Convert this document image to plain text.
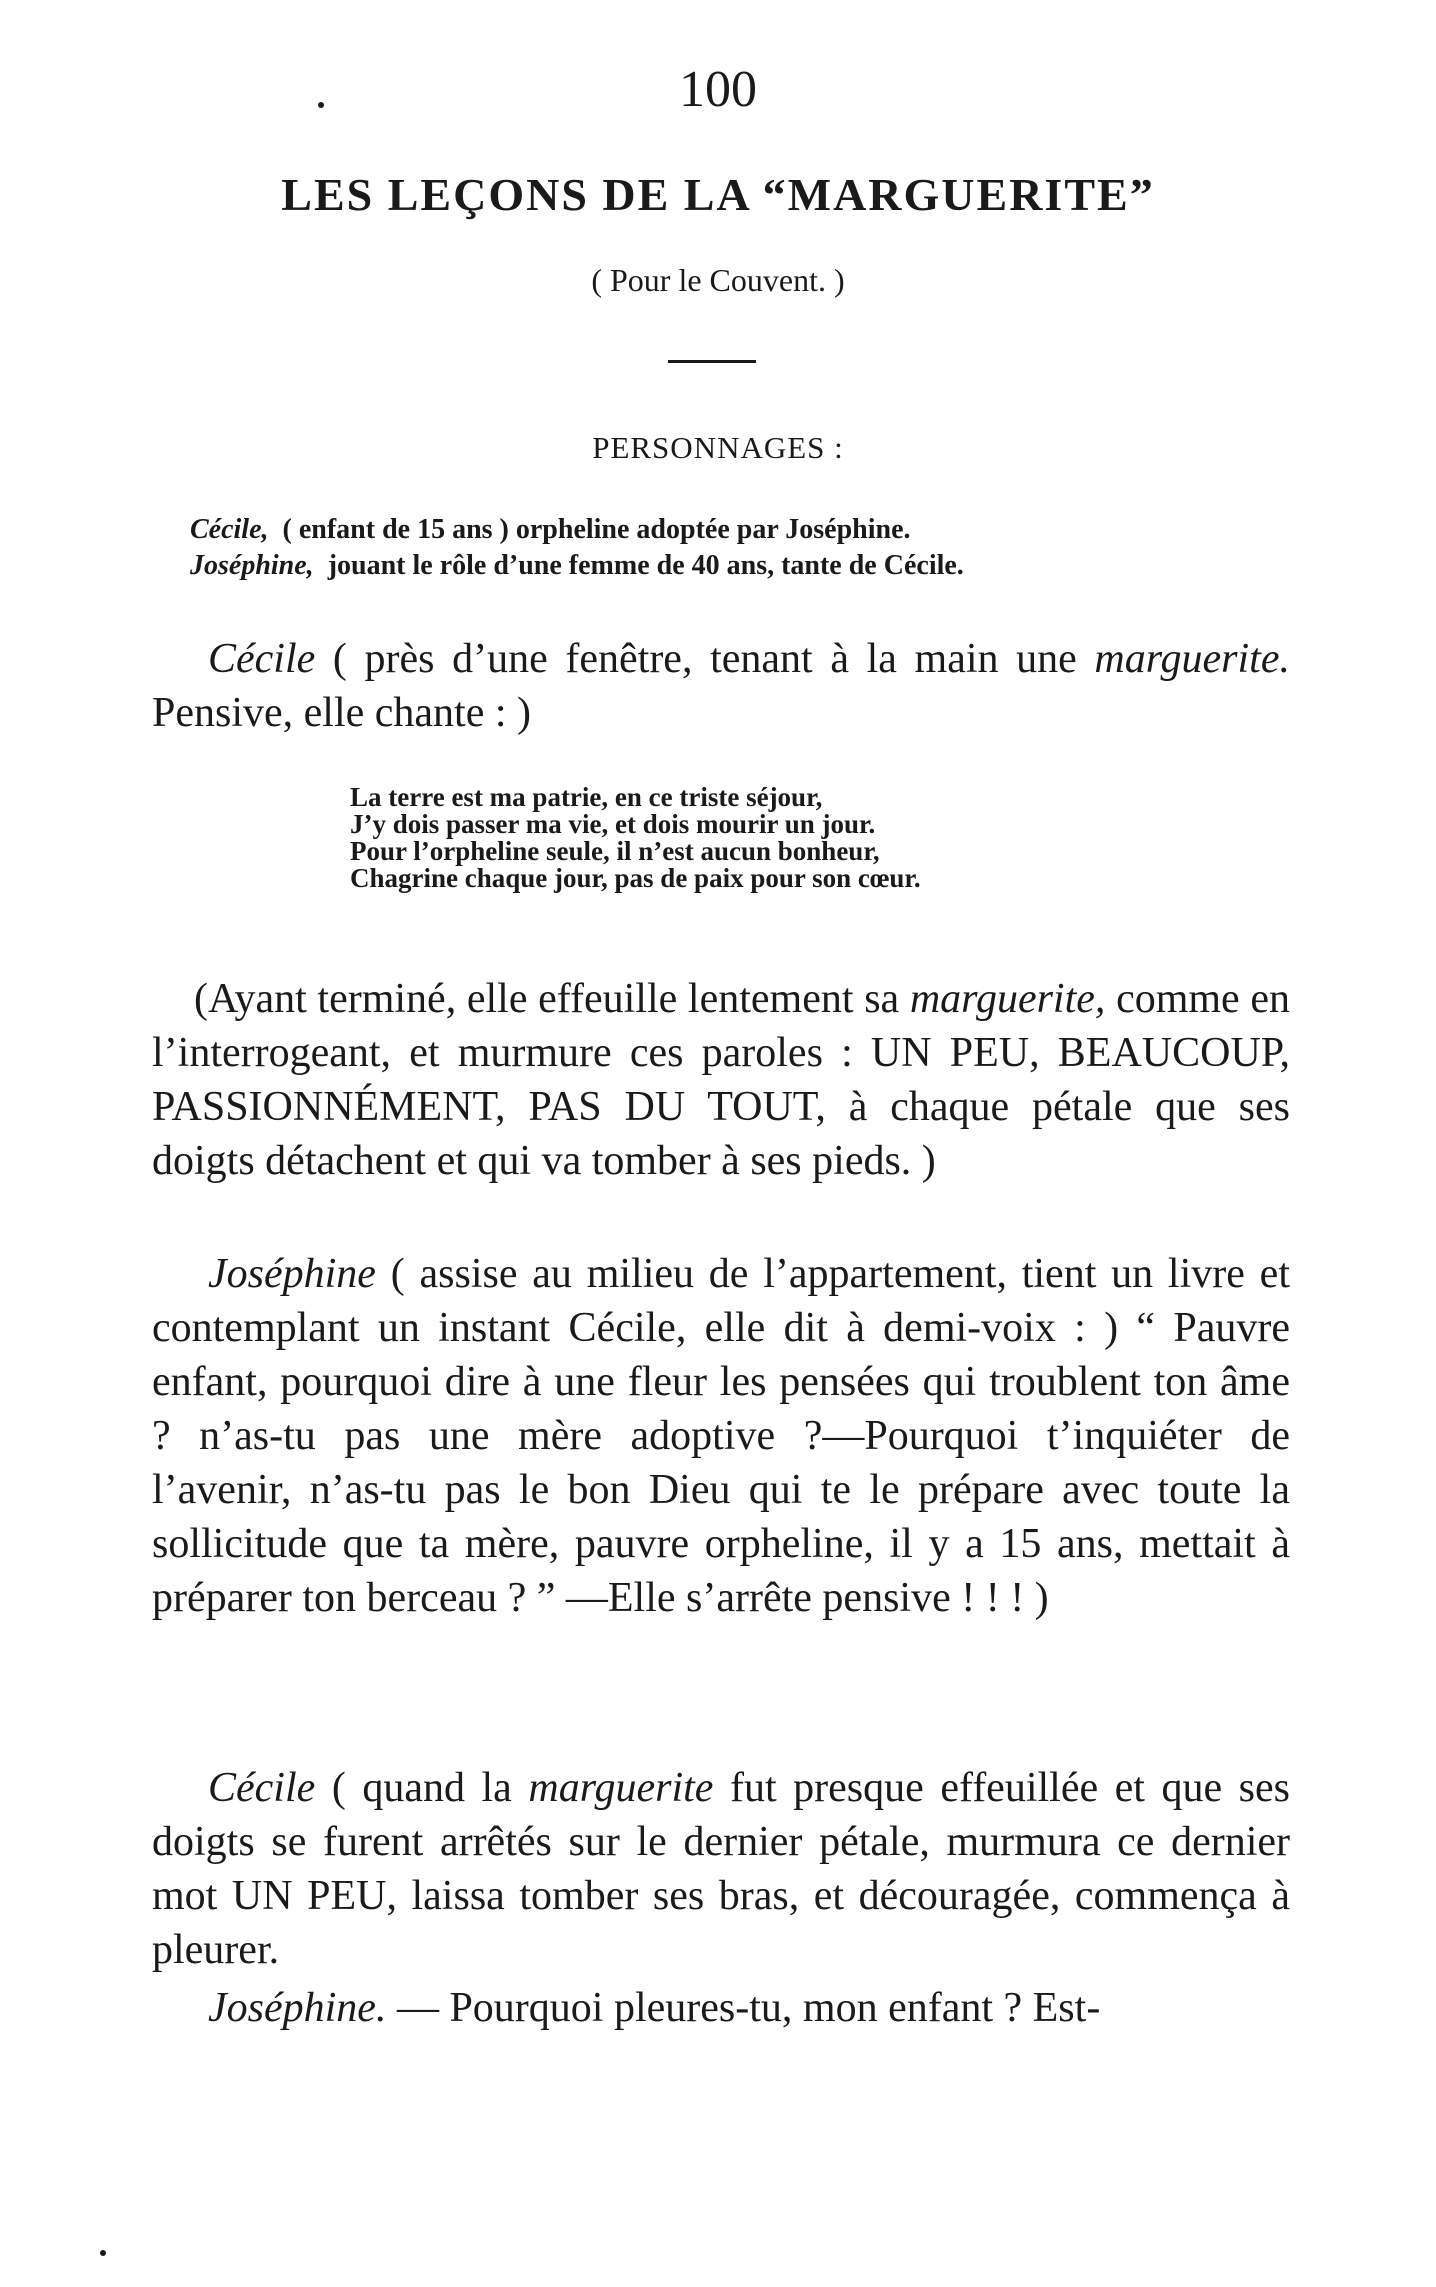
100
LES LEÇONS DE LA “MARGUERITE”
( Pour le Couvent. )
PERSONNAGES :
Cécile, ( enfant de 15 ans ) orpheline adoptée par Joséphine.
Joséphine, jouant le rôle d’une femme de 40 ans, tante de Cécile.
Cécile ( près d’une fenêtre, tenant à la main une marguerite. Pensive, elle chante : )
La terre est ma patrie, en ce triste séjour,
J’y dois passer ma vie, et dois mourir un jour.
Pour l’orpheline seule, il n’est aucun bonheur,
Chagrine chaque jour, pas de paix pour son cœur.
(Ayant terminé, elle effeuille lentement sa marguerite, comme en l’interrogeant, et murmure ces paroles : UN PEU, BEAUCOUP, PASSIONNÉMENT, PAS DU TOUT, à chaque pétale que ses doigts détachent et qui va tomber à ses pieds. )
Joséphine ( assise au milieu de l’appartement, tient un livre et contemplant un instant Cécile, elle dit à demi-voix : ) “ Pauvre enfant, pourquoi dire à une fleur les pensées qui troublent ton âme ? n’as-tu pas une mère adoptive ?—Pourquoi t’inquiéter de l’avenir, n’as-tu pas le bon Dieu qui te le prépare avec toute la sollicitude que ta mère, pauvre orpheline, il y a 15 ans, mettait à préparer ton berceau ? ” —Elle s’arrête pensive ! ! ! )
Cécile ( quand la marguerite fut presque effeuillée et que ses doigts se furent arrêtés sur le dernier pétale, murmura ce dernier mot UN PEU, laissa tomber ses bras, et découragée, commença à pleurer.
Joséphine. — Pourquoi pleures-tu, mon enfant ? Est-
